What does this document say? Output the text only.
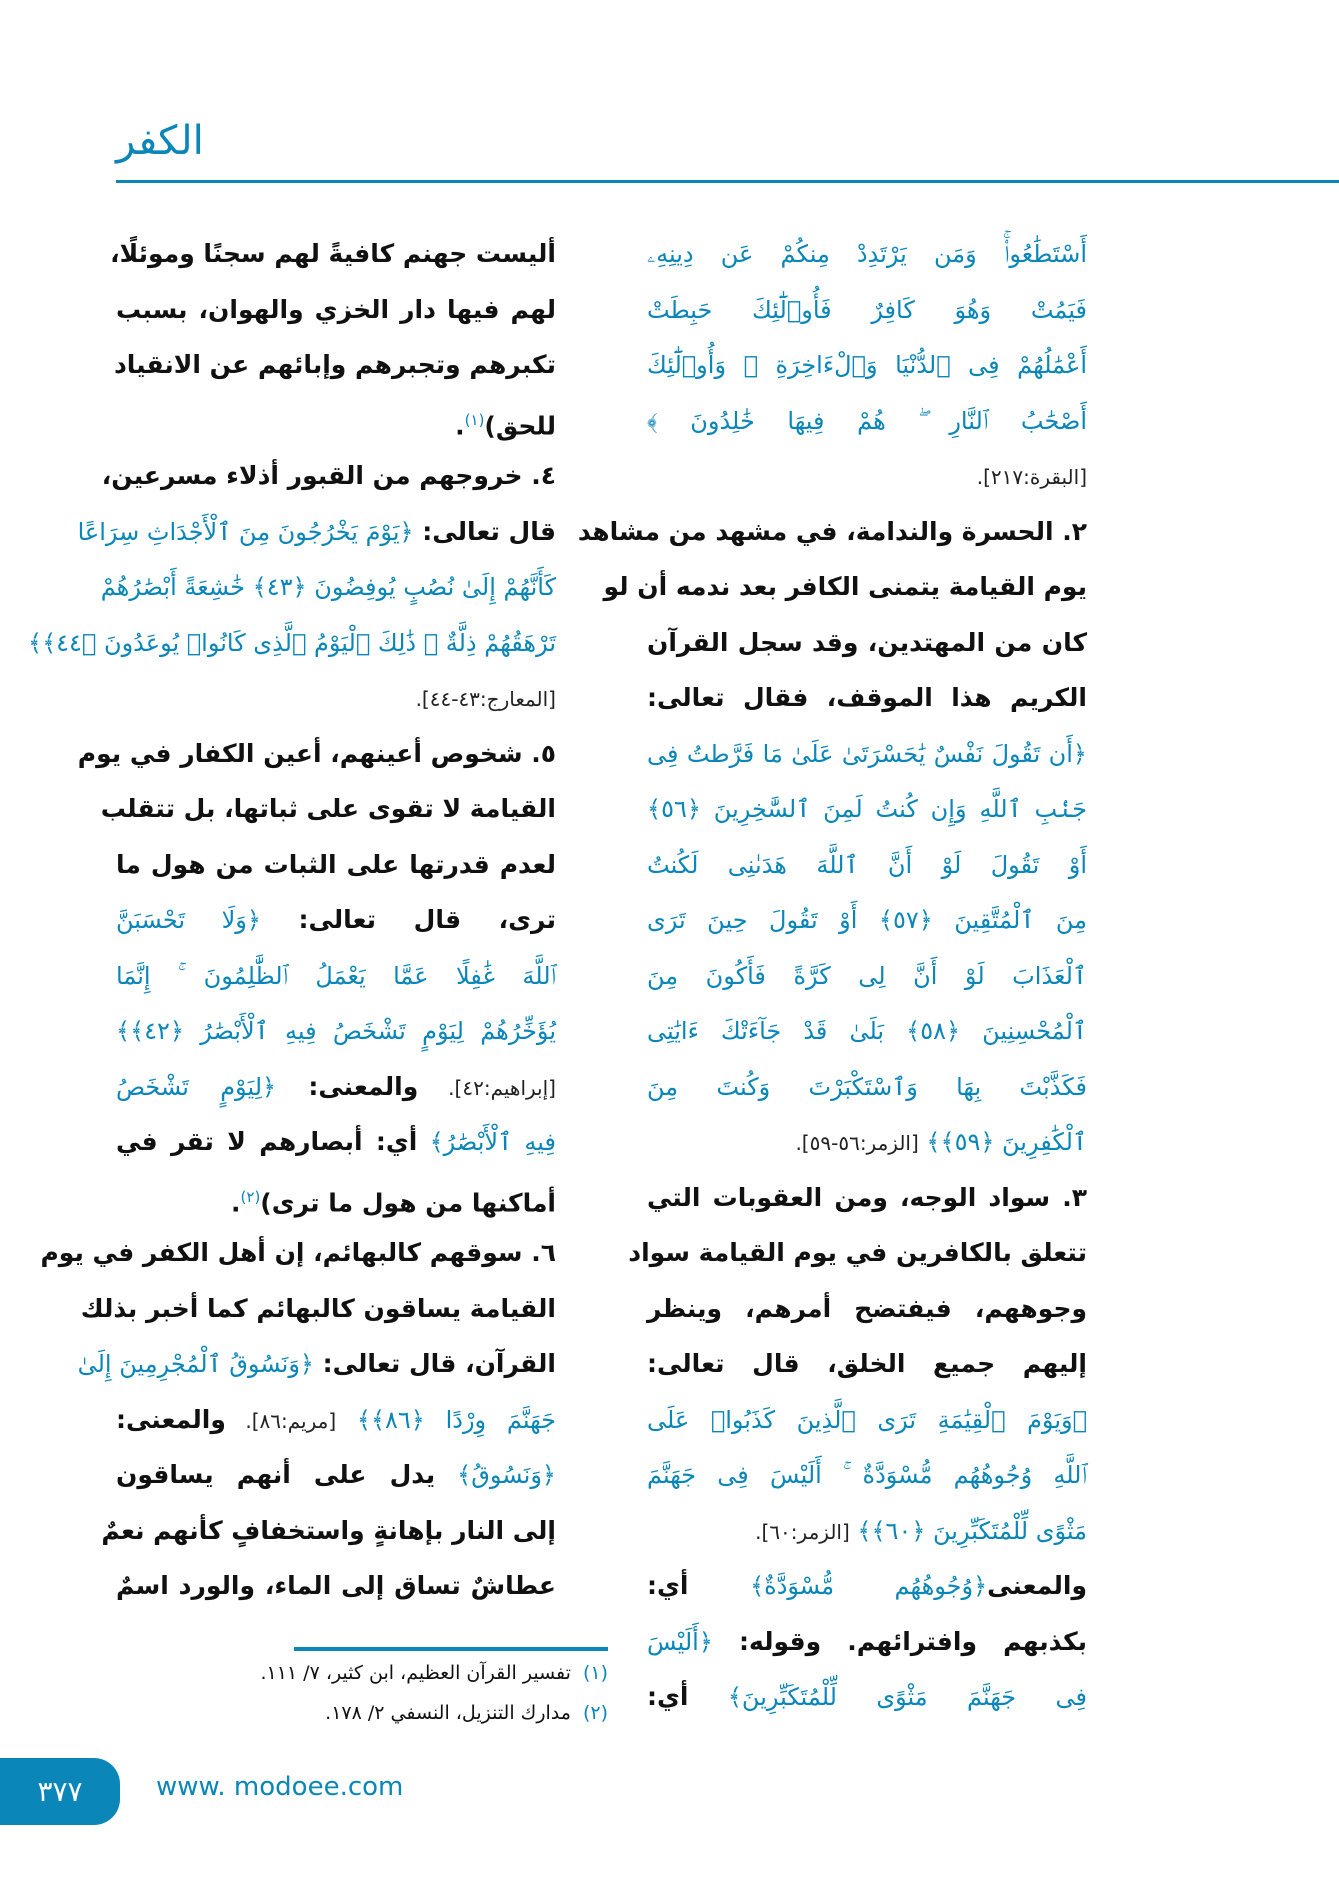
الكفر
أَسْتَطَٰعُوا۟ۚ وَمَن يَرْتَدِدْ مِنكُمْ عَن دِينِهِۦ
فَيَمُتْ وَهُوَ كَافِرٌ فَأُو۟لَٰٓئِكَ حَبِطَتْ
أَعْمَٰلُهُمْ فِى ٱلدُّنْيَا وَٱلْءَاخِرَةِ ۖ وَأُو۟لَٰٓئِكَ
أَصْحَٰبُ ٱلنَّارِ ۖ هُمْ فِيهَا خَٰلِدُونَ ﴾
[البقرة:٢١٧].
٢. الحسرة والندامة، في مشهد من مشاهد
يوم القيامة يتمنى الكافر بعد ندمه أن لو
كان من المهتدين، وقد سجل القرآن
الكريم هذا الموقف، فقال تعالى:
﴿أَن تَقُولَ نَفْسٌ يَٰحَسْرَتَىٰ عَلَىٰ مَا فَرَّطتُ فِى
جَنۢبِ ٱللَّهِ وَإِن كُنتُ لَمِنَ ٱلسَّٰخِرِينَ ﴿٥٦﴾
أَوْ تَقُولَ لَوْ أَنَّ ٱللَّهَ هَدَىٰنِى لَكُنتُ
مِنَ ٱلْمُتَّقِينَ ﴿٥٧﴾ أَوْ تَقُولَ حِينَ تَرَى
ٱلْعَذَابَ لَوْ أَنَّ لِى كَرَّةً فَأَكُونَ مِنَ
ٱلْمُحْسِنِينَ ﴿٥٨﴾ بَلَىٰ قَدْ جَآءَتْكَ ءَايَٰتِى
فَكَذَّبْتَ بِهَا وَٱسْتَكْبَرْتَ وَكُنتَ مِنَ
ٱلْكَٰفِرِينَ ﴿٥٩﴾﴾ [الزمر:٥٦-٥٩].
٣. سواد الوجه، ومن العقوبات التي
تتعلق بالكافرين في يوم القيامة سواد
وجوههم، فيفتضح أمرهم، وينظر
إليهم جميع الخلق، قال تعالى:
﴿وَيَوْمَ ٱلْقِيَٰمَةِ تَرَى ٱلَّذِينَ كَذَبُوا۟ عَلَى
ٱللَّهِ وُجُوهُهُم مُّسْوَدَّةٌ ۚ أَلَيْسَ فِى جَهَنَّمَ
مَثْوًى لِّلْمُتَكَبِّرِينَ ﴿٦٠﴾﴾ [الزمر:٦٠].
والمعنى﴿وُجُوهُهُم مُّسْوَدَّةٌ﴾ أي:
بكذبهم وافترائهم. وقوله: ﴿أَلَيْسَ
فِى جَهَنَّمَ مَثْوًى لِّلْمُتَكَبِّرِينَ﴾ أي:
أليست جهنم كافيةً لهم سجنًا وموئلًا،
لهم فيها دار الخزي والهوان، بسبب
تكبرهم وتجبرهم وإبائهم عن الانقياد
للحق)$^{(١)}$.
٤. خروجهم من القبور أذلاء مسرعين،
قال تعالى: ﴿يَوْمَ يَخْرُجُونَ مِنَ ٱلْأَجْدَاثِ سِرَاعًا
كَأَنَّهُمْ إِلَىٰ نُصُبٍ يُوفِضُونَ ﴿٤٣﴾ خَٰشِعَةً أَبْصَٰرُهُمْ
تَرْهَقُهُمْ ذِلَّةٌ ۚ ذَٰلِكَ ٱلْيَوْمُ ٱلَّذِى كَانُوا۟ يُوعَدُونَ ﴿٤٤﴾﴾
[المعارج:٤٣-٤٤].
٥. شخوص أعينهم، أعين الكفار في يوم
القيامة لا تقوى على ثباتها، بل تتقلب
لعدم قدرتها على الثبات من هول ما
ترى، قال تعالى: ﴿وَلَا تَحْسَبَنَّ
ٱللَّهَ غَٰفِلًا عَمَّا يَعْمَلُ ٱلظَّٰلِمُونَ ۚ إِنَّمَا
يُؤَخِّرُهُمْ لِيَوْمٍ تَشْخَصُ فِيهِ ٱلْأَبْصَٰرُ ﴿٤٢﴾﴾
[إبراهيم:٤٢]. والمعنى: ﴿لِيَوْمٍ تَشْخَصُ
فِيهِ ٱلْأَبْصَٰرُ﴾ أي: أبصارهم لا تقر في
أماكنها من هول ما ترى)$^{(٢)}$.
٦. سوقهم كالبهائم، إن أهل الكفر في يوم
القيامة يساقون كالبهائم كما أخبر بذلك
القرآن، قال تعالى: ﴿وَنَسُوقُ ٱلْمُجْرِمِينَ إِلَىٰ
جَهَنَّمَ وِرْدًا ﴿٨٦﴾﴾ [مريم:٨٦]. والمعنى:
﴿وَنَسُوقُ﴾ يدل على أنهم يساقون
إلى النار بإهانةٍ واستخفافٍ كأنهم نعمٌ
عطاشٌ تساق إلى الماء، والورد اسمٌ
(١)تفسير القرآن العظيم، ابن كثير، ٧/ ١١١.
(٢)مدارك التنزيل، النسفي ٢/ ١٧٨.
٣٧٧	www. modoee.com
